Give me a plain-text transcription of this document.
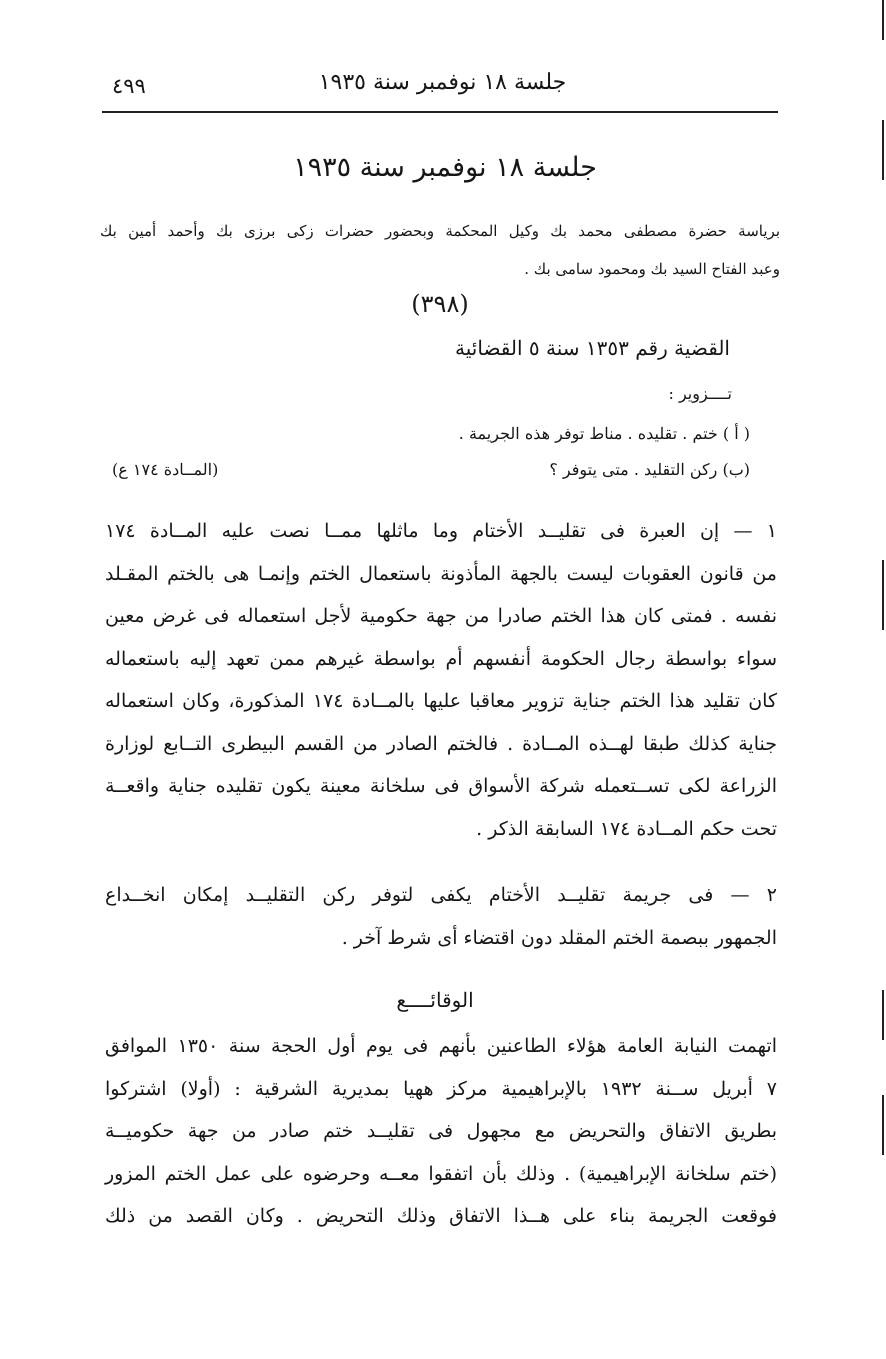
٤٩٩	جلسة ١٨ نوفمبر سنة ١٩٣٥
جلسة ١٨ نوفمبر سنة ١٩٣٥
برياسة حضرة مصطفى محمد بك وكيل المحكمة وبحضور حضرات زكى برزى بك وأحمد أمين بك
وعبد الفتاح السيد بك ومحمود سامى بك .
(٣٩٨)
القضية رقم ١٣٥٣ سنة ٥ القضائية
تــــزوير :
( أ ) ختم . تقليده . مناط توفر هذه الجريمة .
(ب) ركن التقليد . متى يتوفر ؟
(المــادة ١٧٤ ع)
١ — إن العبرة فى تقليــد الأختام وما ماثلها ممــا نصت عليه المــادة ١٧٤
من قانون العقوبات ليست بالجهة المأذونة باستعمال الختم وإنمـا هى بالختم المقـلد
نفسه . فمتى كان هذا الختم صادرا من جهة حكومية لأجل استعماله فى غرض معين
سواء بواسطة رجال الحكومة أنفسهم أم بواسطة غيرهم ممن تعهد إليه باستعماله
كان تقليد هذا الختم جناية تزوير معاقبا عليها بالمــادة ١٧٤ المذكورة، وكان استعماله
جناية كذلك طبقا لهــذه المــادة . فالختم الصادر من القسم البيطرى التــابع لوزارة
الزراعة لكى تســتعمله شركة الأسواق فى سلخانة معينة يكون تقليده جناية واقعــة
تحت حكم المــادة ١٧٤ السابقة الذكر .
٢ — فى جريمة تقليــد الأختام يكفى لتوفر ركن التقليــد إمكان انخــداع
الجمهور ببصمة الختم المقلد دون اقتضاء أى شرط آخر .
الوقائــــع
اتهمت النيابة العامة هؤلاء الطاعنين بأنهم فى يوم أول الحجة سنة ١٣٥٠ الموافق
٧ أبريل ســنة ١٩٣٢ بالإبراهيمية مركز ههيا بمديرية الشرقية : (أولا) اشتركوا
بطريق الاتفاق والتحريض مع مجهول فى تقليــد ختم صادر من جهة حكوميــة
(ختم سلخانة الإبراهيمية) . وذلك بأن اتفقوا معــه وحرضوه على عمل الختم المزور
فوقعت الجريمة بناء على هــذا الاتفاق وذلك التحريض . وكان القصد من ذلك
